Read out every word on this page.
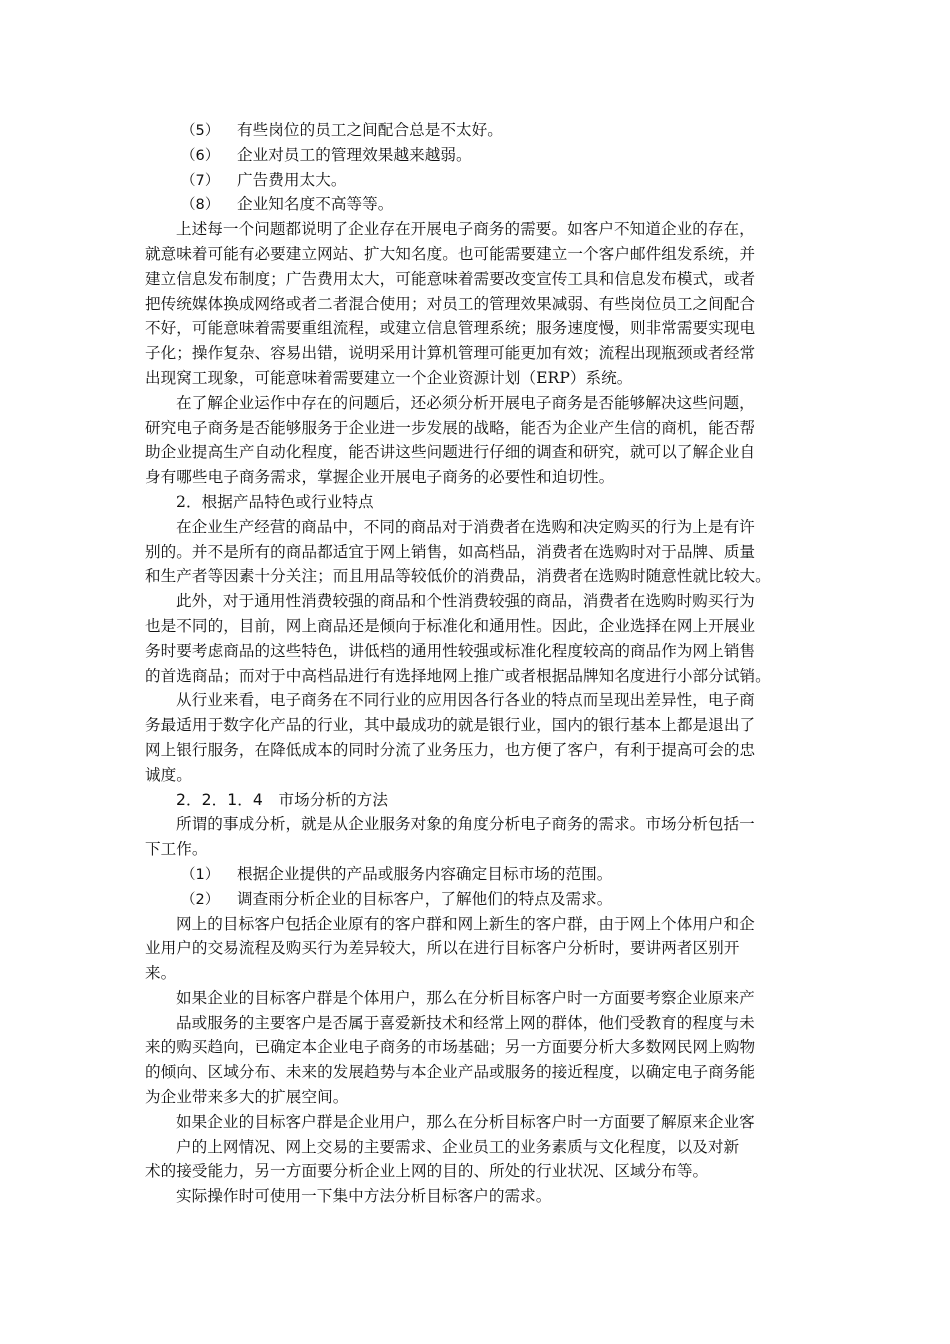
（5） 有些岗位的员工之间配合总是不太好。
（6） 企业对员工的管理效果越来越弱。
（7） 广告费用太大。
（8） 企业知名度不高等等。
上述每一个问题都说明了企业存在开展电子商务的需要。如客户不知道企业的存在，
就意味着可能有必要建立网站、扩大知名度。也可能需要建立一个客户邮件组发系统，并
建立信息发布制度；广告费用太大，可能意味着需要改变宣传工具和信息发布模式，或者
把传统媒体换成网络或者二者混合使用；对员工的管理效果减弱、有些岗位员工之间配合
不好，可能意味着需要重组流程，或建立信息管理系统；服务速度慢，则非常需要实现电
子化；操作复杂、容易出错，说明采用计算机管理可能更加有效；流程出现瓶颈或者经常
出现窝工现象，可能意味着需要建立一个企业资源计划（ERP）系统。
在了解企业运作中存在的问题后，还必须分析开展电子商务是否能够解决这些问题，
研究电子商务是否能够服务于企业进一步发展的战略，能否为企业产生信的商机，能否帮
助企业提高生产自动化程度，能否讲这些问题进行仔细的调查和研究，就可以了解企业自
身有哪些电子商务需求，掌握企业开展电子商务的必要性和迫切性。
2．根据产品特色或行业特点
在企业生产经营的商品中，不同的商品对于消费者在选购和决定购买的行为上是有许
别的。并不是所有的商品都适宜于网上销售，如高档品，消费者在选购时对于品牌、质量
和生产者等因素十分关注；而且用品等较低价的消费品，消费者在选购时随意性就比较大。
此外，对于通用性消费较强的商品和个性消费较强的商品，消费者在选购时购买行为
也是不同的，目前，网上商品还是倾向于标准化和通用性。因此，企业选择在网上开展业
务时要考虑商品的这些特色，讲低档的通用性较强或标准化程度较高的商品作为网上销售
的首选商品；而对于中高档品进行有选择地网上推广或者根据品牌知名度进行小部分试销。
从行业来看，电子商务在不同行业的应用因各行各业的特点而呈现出差异性，电子商
务最适用于数字化产品的行业，其中最成功的就是银行业，国内的银行基本上都是退出了
网上银行服务，在降低成本的同时分流了业务压力，也方便了客户，有利于提高可会的忠
诚度。
2．2．1．4　市场分析的方法
所谓的事成分析，就是从企业服务对象的角度分析电子商务的需求。市场分析包括一
下工作。
（1） 根据企业提供的产品或服务内容确定目标市场的范围。
（2） 调查雨分析企业的目标客户，了解他们的特点及需求。
网上的目标客户包括企业原有的客户群和网上新生的客户群，由于网上个体用户和企
业用户的交易流程及购买行为差异较大，所以在进行目标客户分析时，要讲两者区别开
来。
如果企业的目标客户群是个体用户，那么在分析目标客户时一方面要考察企业原来产
品或服务的主要客户是否属于喜爱新技术和经常上网的群体，他们受教育的程度与未
来的购买趋向，已确定本企业电子商务的市场基础；另一方面要分析大多数网民网上购物
的倾向、区域分布、未来的发展趋势与本企业产品或服务的接近程度，以确定电子商务能
为企业带来多大的扩展空间。
如果企业的目标客户群是企业用户，那么在分析目标客户时一方面要了解原来企业客
户的上网情况、网上交易的主要需求、企业员工的业务素质与文化程度，以及对新
术的接受能力，另一方面要分析企业上网的目的、所处的行业状况、区域分布等。
实际操作时可使用一下集中方法分析目标客户的需求。
